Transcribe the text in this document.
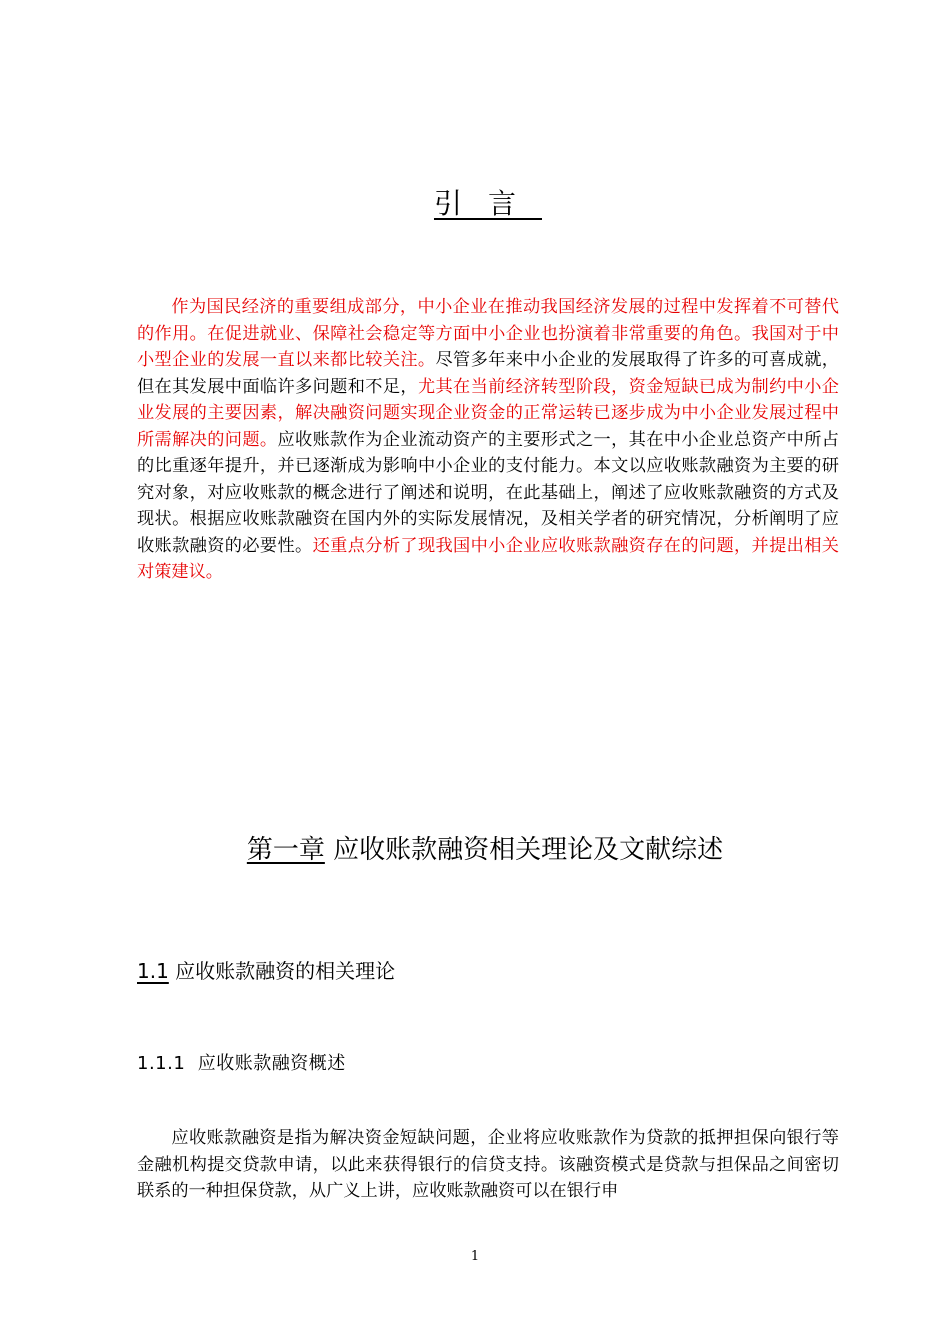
引言

作为国民经济的重要组成部分，中小企业在推动我国经济发展的过程中发挥着不可替代的作用。在促进就业、保障社会稳定等方面中小企业也扮演着非常重要的角色。我国对于中小型企业的发展一直以来都比较关注。尽管多年来中小企业的发展取得了许多的可喜成就，但在其发展中面临许多问题和不足，尤其在当前经济转型阶段，资金短缺已成为制约中小企业发展的主要因素，解决融资问题实现企业资金的正常运转已逐步成为中小企业发展过程中所需解决的问题。应收账款作为企业流动资产的主要形式之一，其在中小企业总资产中所占的比重逐年提升，并已逐渐成为影响中小企业的支付能力。本文以应收账款融资为主要的研究对象，对应收账款的概念进行了阐述和说明，在此基础上，阐述了应收账款融资的方式及现状。根据应收账款融资在国内外的实际发展情况，及相关学者的研究情况，分析阐明了应收账款融资的必要性。还重点分析了现我国中小企业应收账款融资存在的问题，并提出相关对策建议。

第一章 应收账款融资相关理论及文献综述
1.1 应收账款融资的相关理论
1.1.1 应收账款融资概述

应收账款融资是指为解决资金短缺问题，企业将应收账款作为贷款的抵押担保向银行等金融机构提交贷款申请，以此来获得银行的信贷支持。该融资模式是贷款与担保品之间密切联系的一种担保贷款，从广义上讲，应收账款融资可以在银行申

1
